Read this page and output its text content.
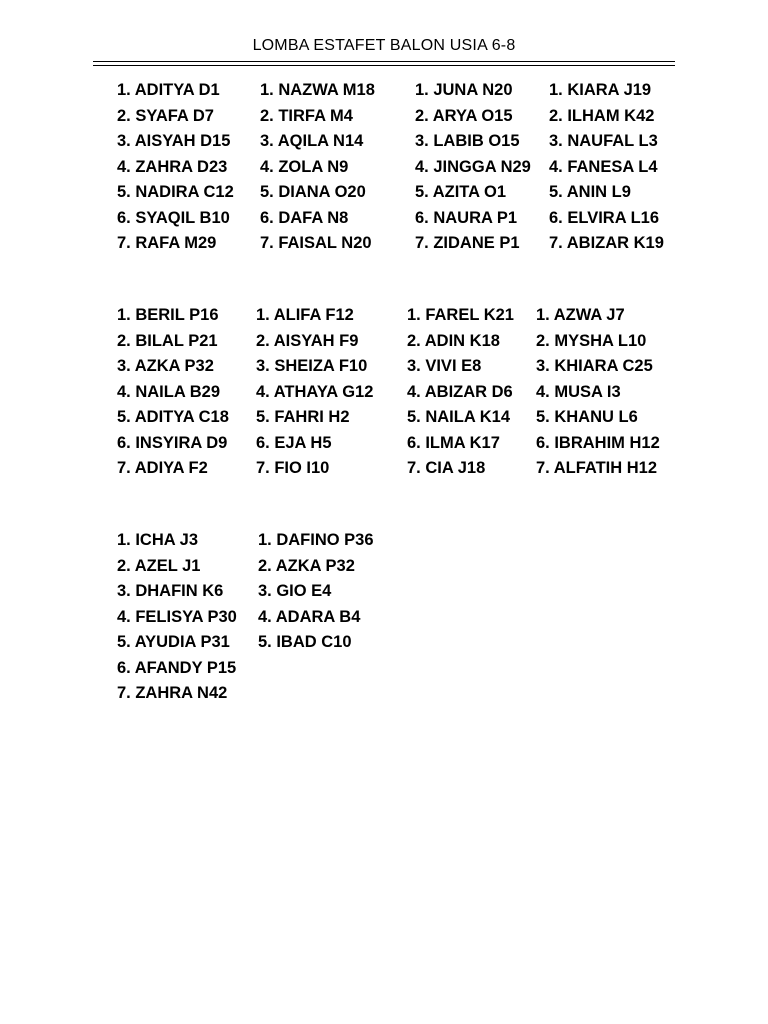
LOMBA ESTAFET BALON USIA 6-8
1. ADITYA D1
2. SYAFA D7
3. AISYAH D15
4. ZAHRA D23
5. NADIRA C12
6. SYAQIL B10
7. RAFA M29
1. NAZWA M18
2. TIRFA M4
3. AQILA N14
4. ZOLA N9
5. DIANA O20
6. DAFA N8
7. FAISAL N20
1. JUNA N20
2. ARYA O15
3. LABIB O15
4. JINGGA N29
5. AZITA O1
6. NAURA P1
7. ZIDANE P1
1. KIARA J19
2. ILHAM K42
3. NAUFAL L3
4. FANESA L4
5. ANIN L9
6. ELVIRA L16
7. ABIZAR K19
1. BERIL P16
2. BILAL P21
3. AZKA P32
4. NAILA B29
5. ADITYA C18
6. INSYIRA D9
7. ADIYA F2
1. ALIFA F12
2. AISYAH F9
3. SHEIZA F10
4. ATHAYA G12
5. FAHRI H2
6. EJA H5
7. FIO I10
1. FAREL K21
2. ADIN K18
3. VIVI E8
4. ABIZAR D6
5. NAILA K14
6. ILMA K17
7. CIA J18
1. AZWA J7
2. MYSHA L10
3. KHIARA C25
4. MUSA I3
5. KHANU L6
6. IBRAHIM H12
7. ALFATIH H12
1. ICHA J3
2. AZEL J1
3. DHAFIN K6
4. FELISYA P30
5. AYUDIA P31
6. AFANDY P15
7. ZAHRA N42
1. DAFINO P36
2. AZKA P32
3. GIO E4
4. ADARA B4
5. IBAD C10
